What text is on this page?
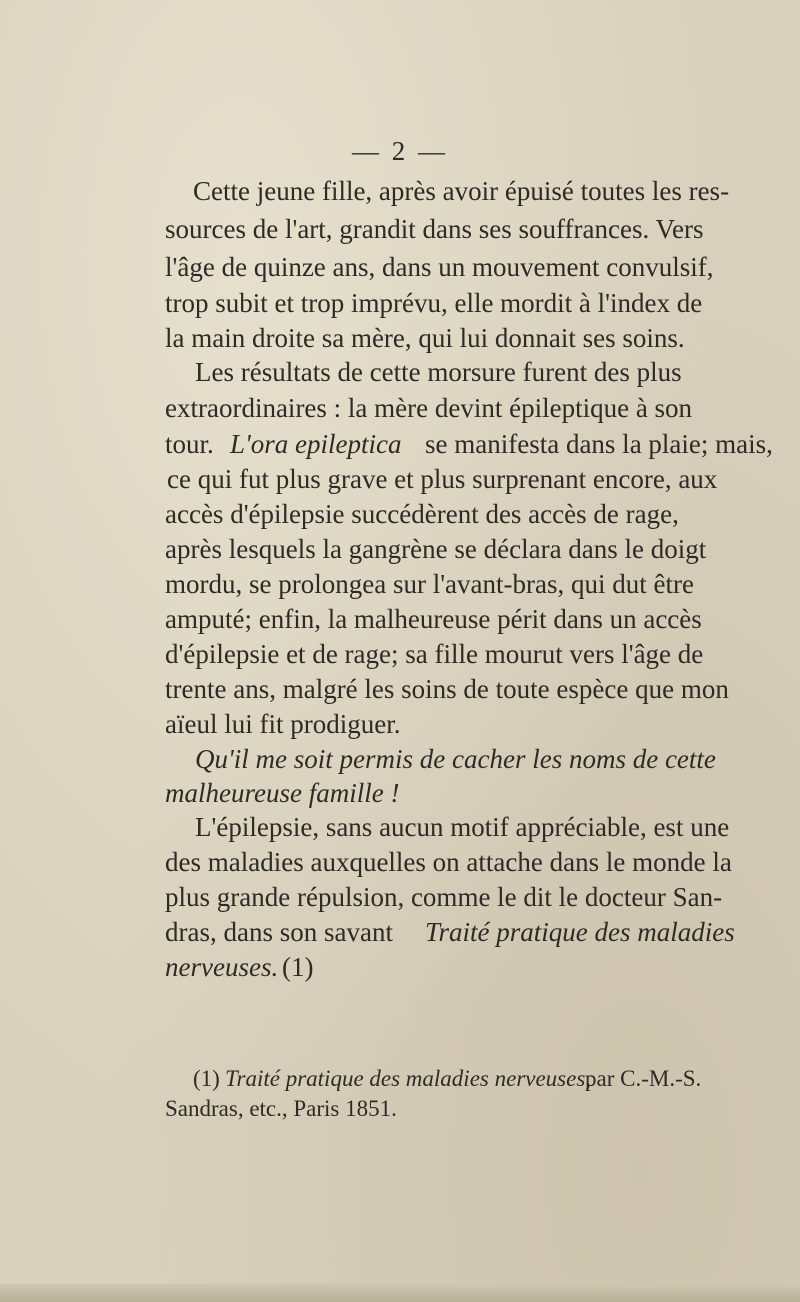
— 2 —
Cette jeune fille, après avoir épuisé toutes les res-
sources de l'art, grandit dans ses souffrances. Vers
l'âge de quinze ans, dans un mouvement convulsif,
trop subit et trop imprévu, elle mordit à l'index de
la main droite sa mère, qui lui donnait ses soins.
Les résultats de cette morsure furent des plus
extraordinaires : la mère devint épileptique à son
tour. L'ora epileptica se manifesta dans la plaie; mais,
ce qui fut plus grave et plus surprenant encore, aux
accès d'épilepsie succédèrent des accès de rage,
après lesquels la gangrène se déclara dans le doigt
mordu, se prolongea sur l'avant-bras, qui dut être
amputé; enfin, la malheureuse périt dans un accès
d'épilepsie et de rage; sa fille mourut vers l'âge de
trente ans, malgré les soins de toute espèce que mon
aïeul lui fit prodiguer.
Qu'il me soit permis de cacher les noms de cette
malheureuse famille !
L'épilepsie, sans aucun motif appréciable, est une
des maladies auxquelles on attache dans le monde la
plus grande répulsion, comme le dit le docteur San-
dras, dans son savant Traité pratique des maladies
nerveuses. (1)
(1) Traité pratique des maladies nerveuses,
par C.-M.-S.
Sandras, etc., Paris 1851.
